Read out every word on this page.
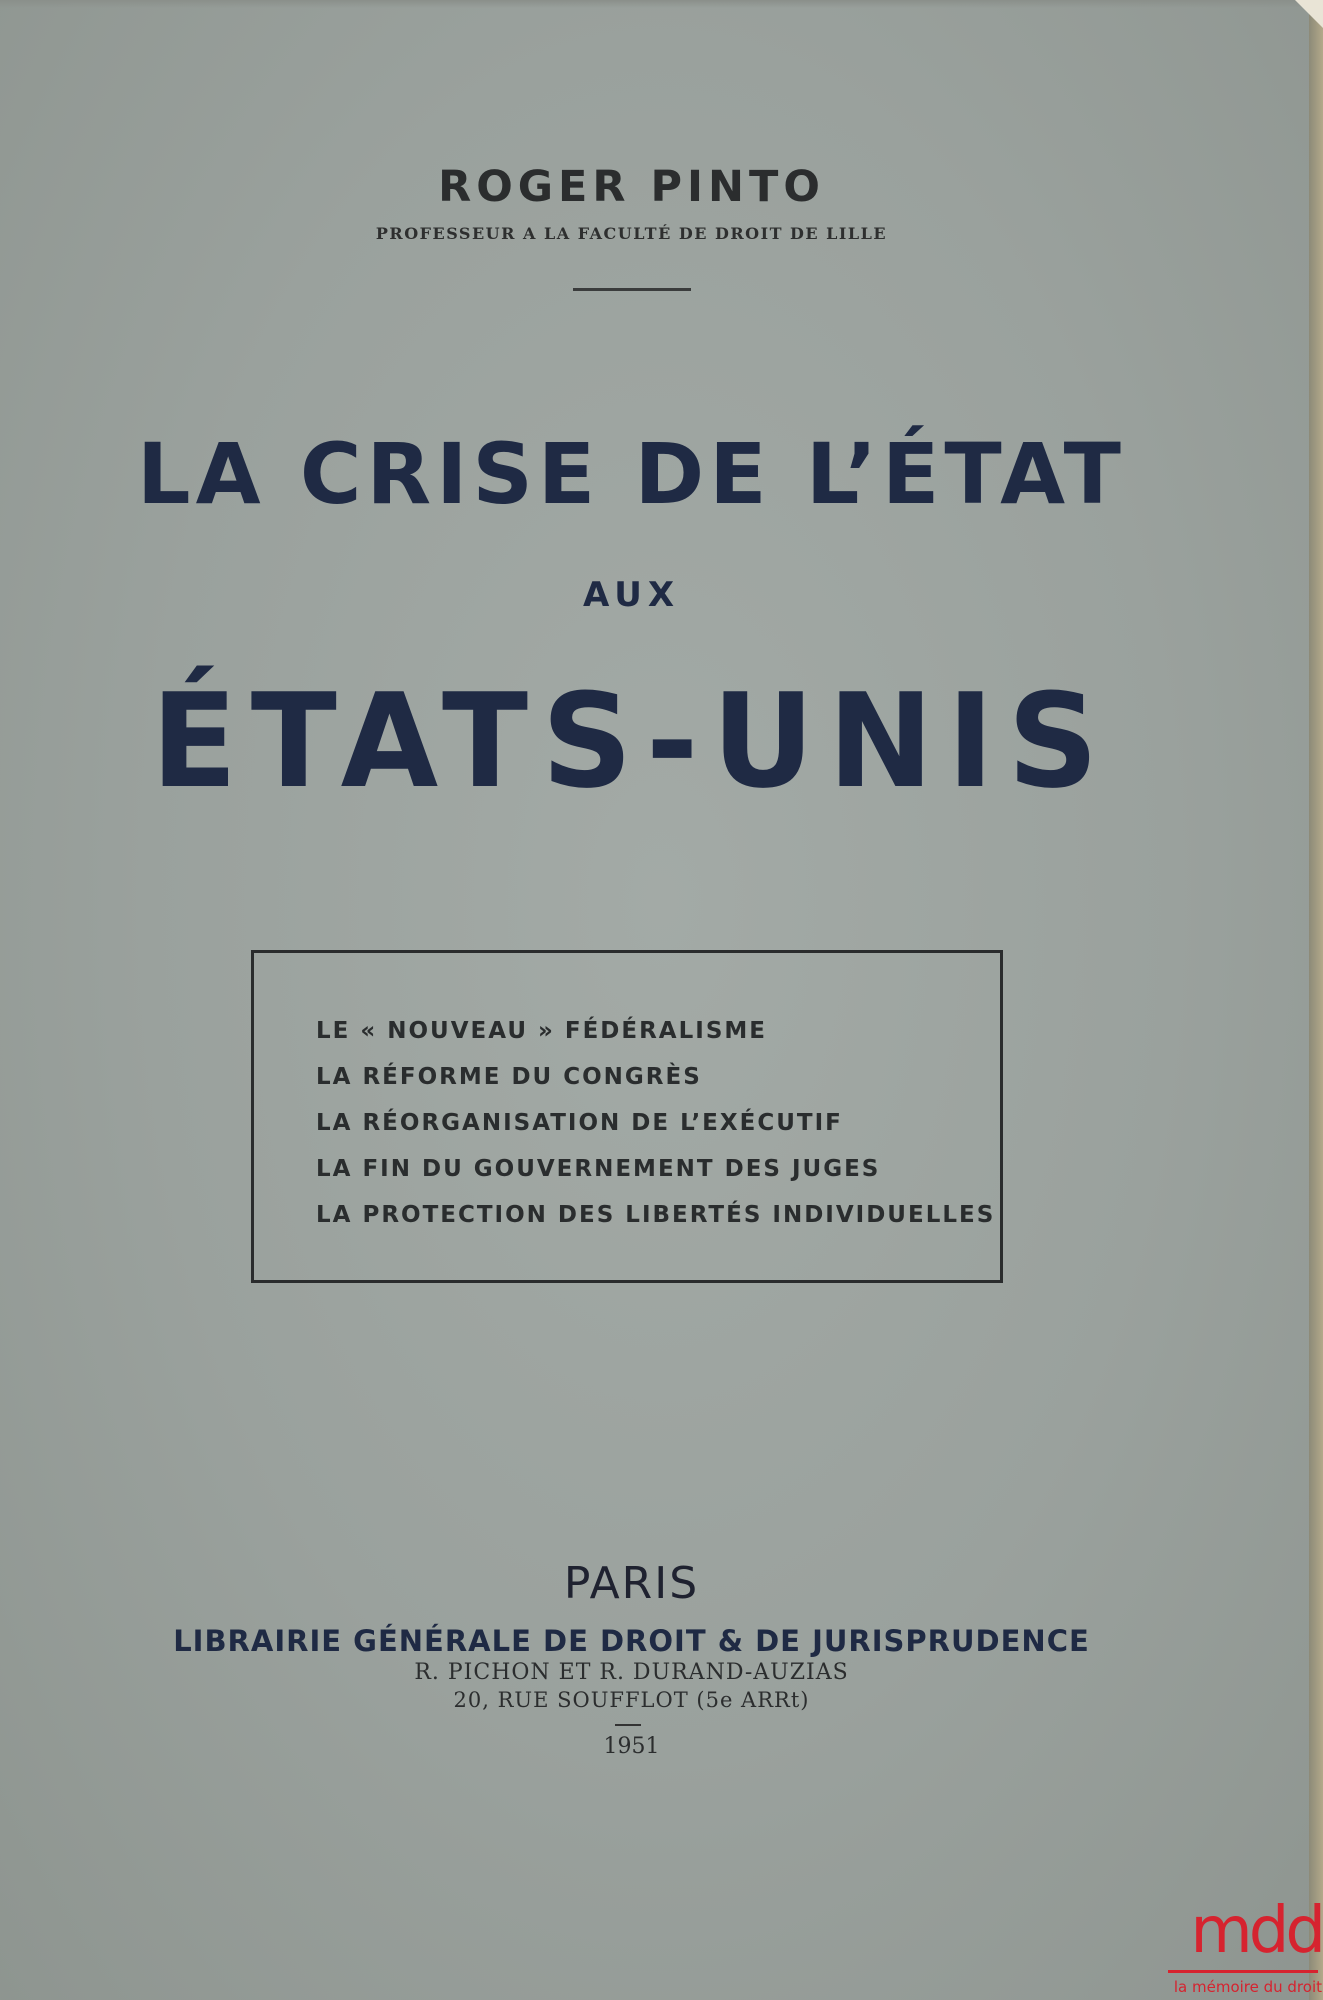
ROGER PINTO
PROFESSEUR A LA FACULTÉ DE DROIT DE LILLE
LA CRISE DE L’ÉTAT
AUX
ÉTATS-UNIS
LE « NOUVEAU » FÉDÉRALISME
LA RÉFORME DU CONGRÈS
LA RÉORGANISATION DE L’EXÉCUTIF
LA FIN DU GOUVERNEMENT DES JUGES
LA PROTECTION DES LIBERTÉS INDIVIDUELLES
PARIS
LIBRAIRIE GÉNÉRALE DE DROIT & DE JURISPRUDENCE
R. PICHON ET R. DURAND-AUZIAS
20, RUE SOUFFLOT (5e ARRt)
1951
mdd
la mémoire du droit
